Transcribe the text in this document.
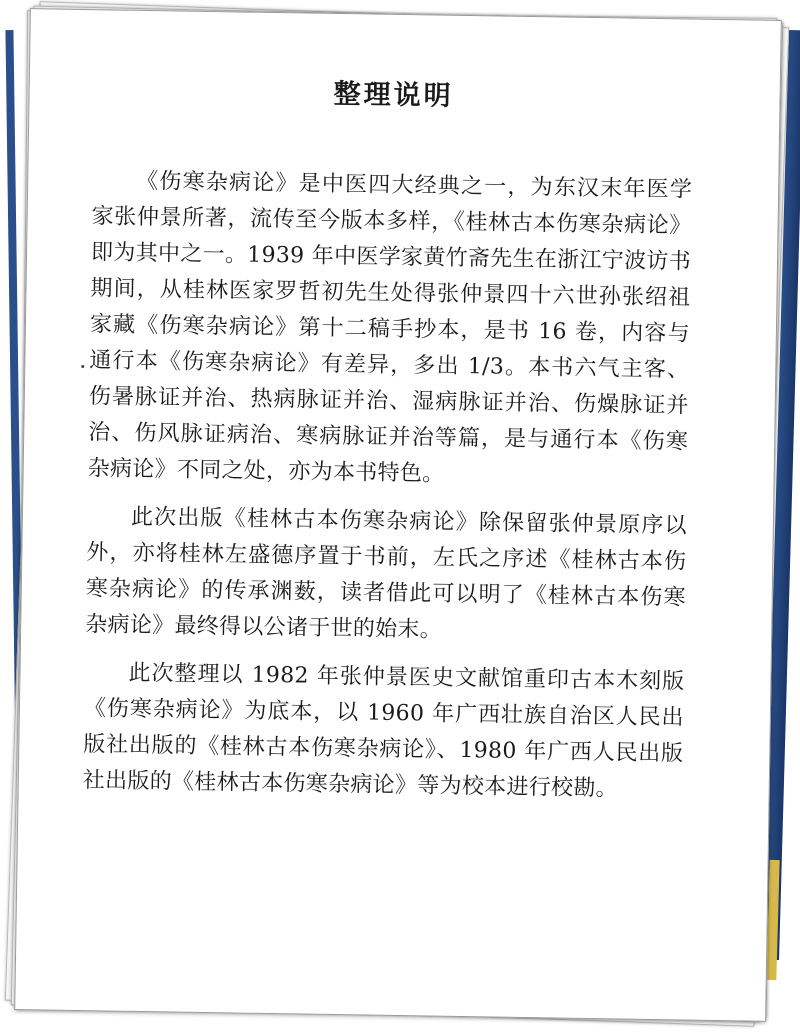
整理说明

《伤寒杂病论》是中医四大经典之一，为东汉末年医学家张仲景所著，流传至今版本多样，《桂林古本伤寒杂病论》即为其中之一。1939 年中医学家黄竹斋先生在浙江宁波访书期间，从桂林医家罗哲初先生处得张仲景四十六世孙张绍祖家藏《伤寒杂病论》第十二稿手抄本，是书 16 卷，内容与通行本《伤寒杂病论》有差异，多出 1/3。本书六气主客、伤暑脉证并治、热病脉证并治、湿病脉证并治、伤燥脉证并治、伤风脉证病治、寒病脉证并治等篇，是与通行本《伤寒杂病论》不同之处，亦为本书特色。

此次出版《桂林古本伤寒杂病论》除保留张仲景原序以外，亦将桂林左盛德序置于书前，左氏之序述《桂林古本伤寒杂病论》的传承渊薮，读者借此可以明了《桂林古本伤寒杂病论》最终得以公诸于世的始末。

此次整理以 1982 年张仲景医史文献馆重印古本木刻版《伤寒杂病论》为底本，以 1960 年广西壮族自治区人民出版社出版的《桂林古本伤寒杂病论》、1980 年广西人民出版社出版的《桂林古本伤寒杂病论》等为校本进行校勘。
